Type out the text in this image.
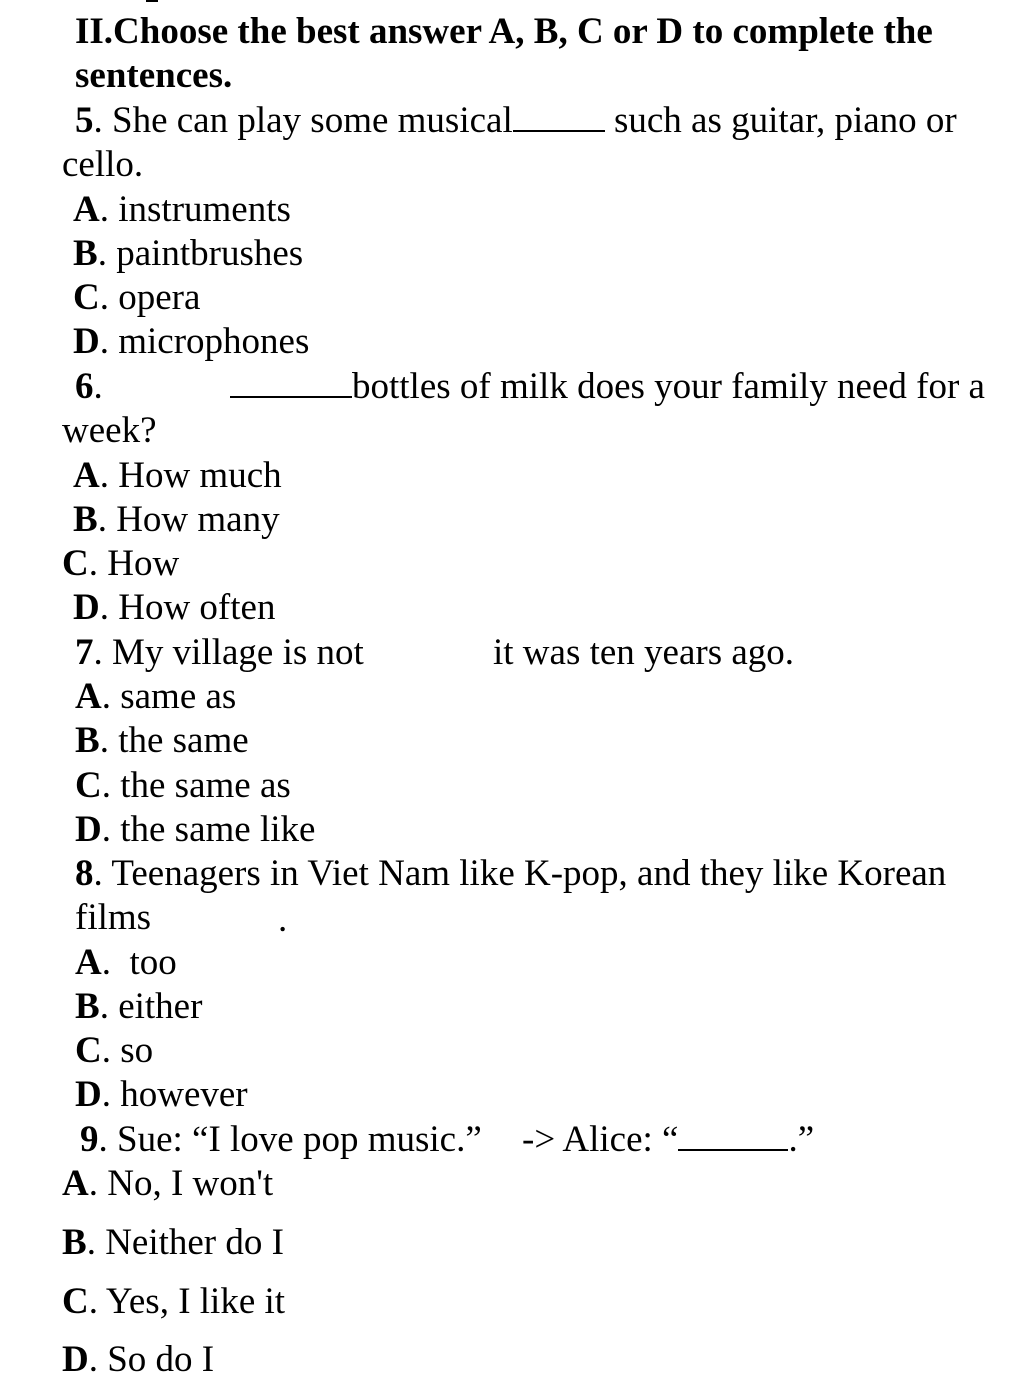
II.Choose the best answer A, B, C or D to complete the
sentences.
5. She can play some musical such as guitar, piano or
cello.
A. instruments
B. paintbrushes
C. opera
D. microphones
6.	bottles of milk does your family need for a
week?
A. How much
B. How many
C. How
D. How often
7. My village is not	it was ten years ago.
A. same as
B. the same
C. the same as
D. the same like
8. Teenagers in Viet Nam like K-pop, and they like Korean
films	.
A.  too
B. either
C. so
D. however
9. Sue: “I love pop music.” -> Alice: “	.”
A. No, I won't
B. Neither do I
C. Yes, I like it
D. So do I
